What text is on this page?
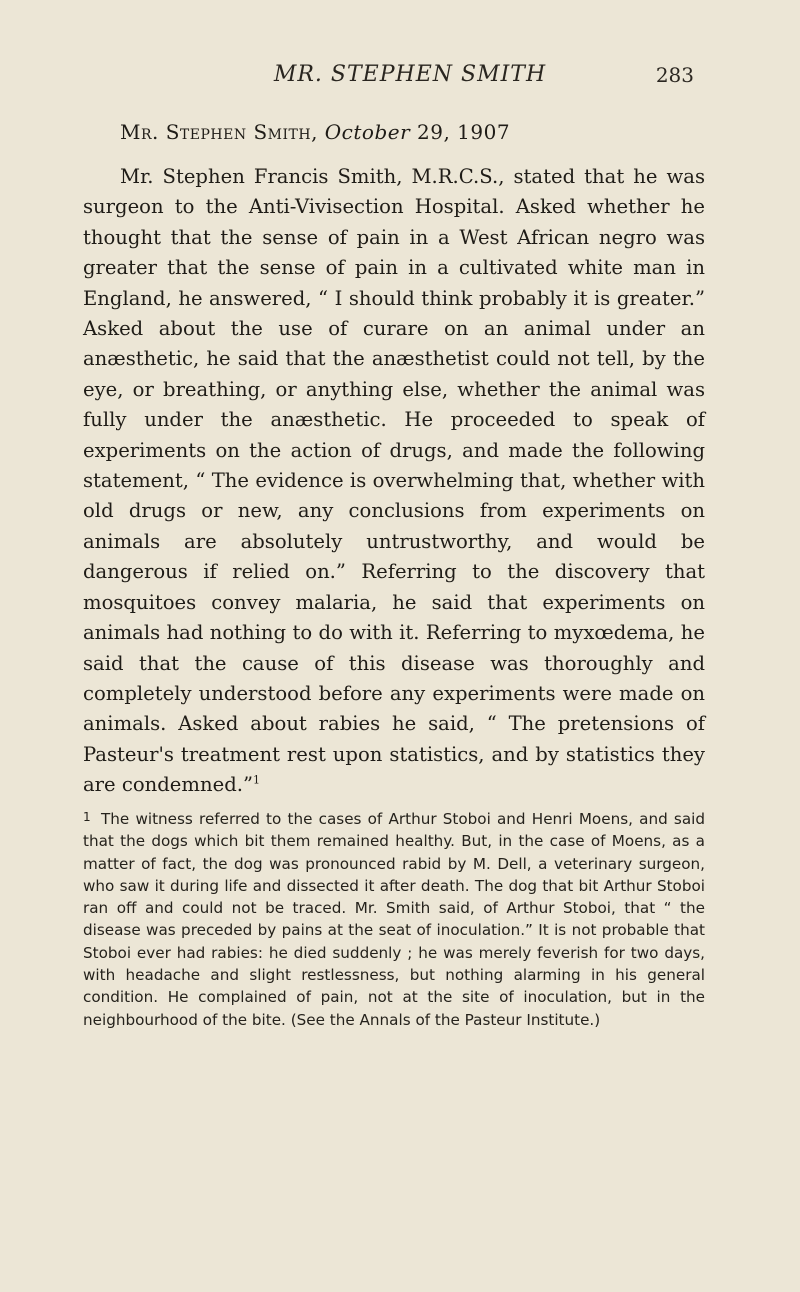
MR. STEPHEN SMITH	283
Mr. Stephen Smith, October 29, 1907

Mr. Stephen Francis Smith, M.R.C.S., stated that he was surgeon to the Anti-Vivisection Hospital. Asked whether he thought that the sense of pain in a West African negro was greater that the sense of pain in a cultivated white man in England, he answered, “ I should think probably it is greater.” Asked about the use of curare on an animal under an anæsthetic, he said that the anæsthetist could not tell, by the eye, or breathing, or anything else, whether the animal was fully under the anæsthetic. He proceeded to speak of experiments on the action of drugs, and made the following statement, “ The evidence is overwhelming that, whether with old drugs or new, any conclusions from experiments on animals are absolutely untrustworthy, and would be dangerous if relied on.” Referring to the discovery that mosquitoes convey malaria, he said that experiments on animals had nothing to do with it. Referring to myxœdema, he said that the cause of this disease was thoroughly and completely understood before any experiments were made on animals. Asked about rabies he said, “ The pretensions of Pasteur's treatment rest upon statistics, and by statistics they are condemned.”$^1$

1 The witness referred to the cases of Arthur Stoboi and Henri Moens, and said that the dogs which bit them remained healthy. But, in the case of Moens, as a matter of fact, the dog was pronounced rabid by M. Dell, a veterinary surgeon, who saw it during life and dissected it after death. The dog that bit Arthur Stoboi ran off and could not be traced. Mr. Smith said, of Arthur Stoboi, that “ the disease was preceded by pains at the seat of inoculation.” It is not probable that Stoboi ever had rabies: he died suddenly ; he was merely feverish for two days, with headache and slight restlessness, but nothing alarming in his general condition. He complained of pain, not at the site of inoculation, but in the neighbourhood of the bite. (See the Annals of the Pasteur Institute.)
